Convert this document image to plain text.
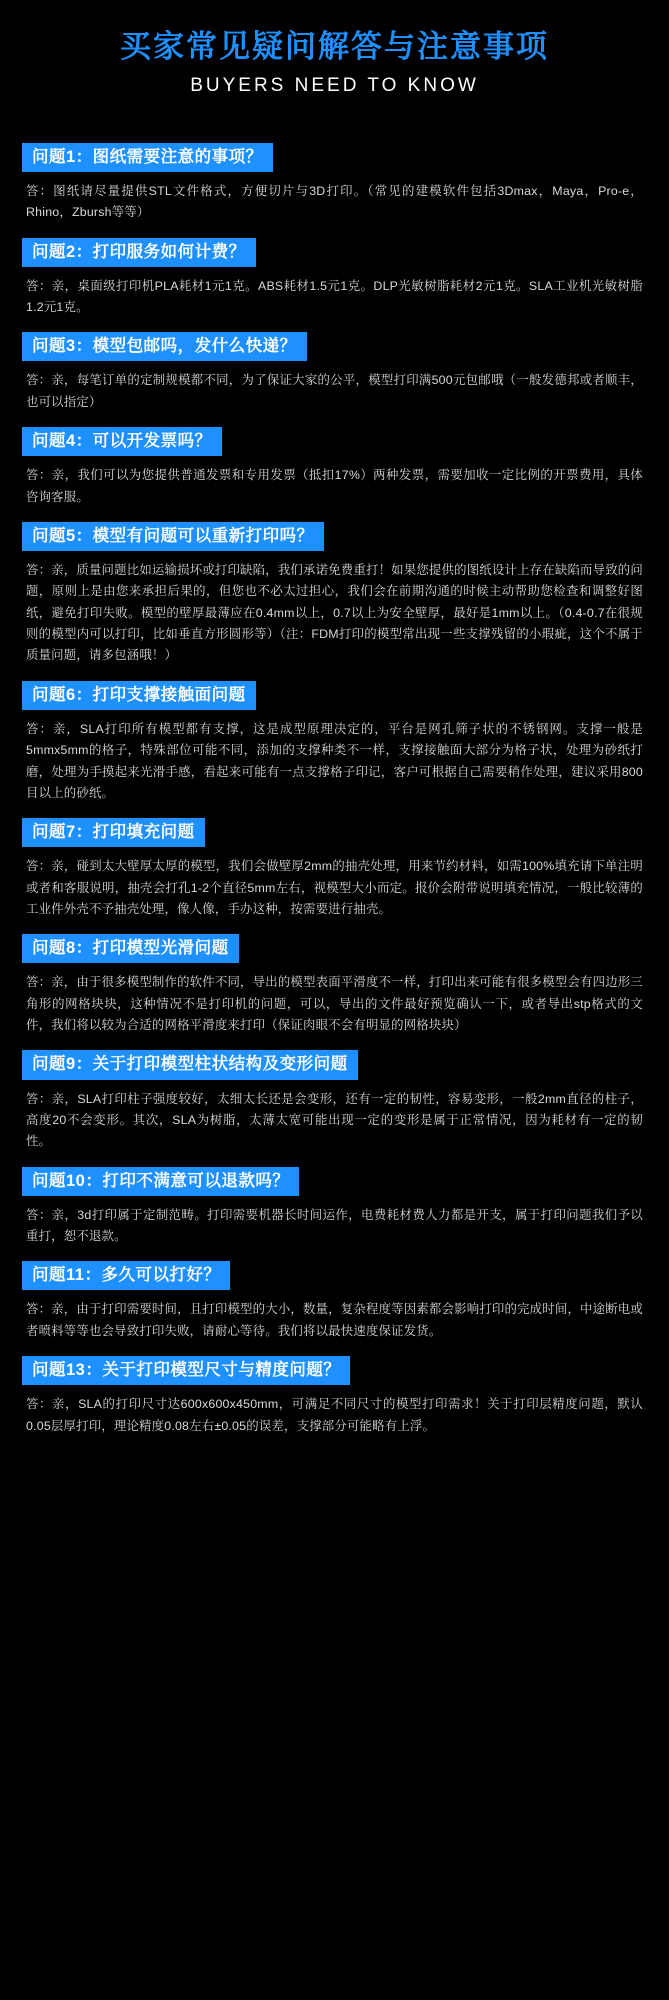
买家常见疑问解答与注意事项
BUYERS NEED TO KNOW
问题1：图纸需要注意的事项？

答：图纸请尽量提供STL文件格式，方便切片与3D打印。（常见的建模软件包括3Dmax，Maya，Pro-e，Rhino，Zbursh等等）

问题2：打印服务如何计费？

答：亲，桌面级打印机PLA耗材1元1克。ABS耗材1.5元1克。DLP光敏树脂耗材2元1克。SLA工业机光敏树脂1.2元1克。

问题3：模型包邮吗，发什么快递？

答：亲，每笔订单的定制规模都不同，为了保证大家的公平，模型打印满500元包邮哦（一般发德邦或者顺丰，也可以指定）

问题4：可以开发票吗？

答：亲，我们可以为您提供普通发票和专用发票（抵扣17%）两种发票，需要加收一定比例的开票费用，具体咨询客服。

问题5：模型有问题可以重新打印吗？

答：亲，质量问题比如运输损坏或打印缺陷，我们承诺免费重打！如果您提供的图纸设计上存在缺陷而导致的问题，原则上是由您来承担后果的，但您也不必太过担心，我们会在前期沟通的时候主动帮助您检查和调整好图纸，避免打印失败。模型的壁厚最薄应在0.4mm以上，0.7以上为安全壁厚，最好是1mm以上。（0.4-0.7在很规则的模型内可以打印，比如垂直方形圆形等）（注：FDM打印的模型常出现一些支撑残留的小瑕疵，这个不属于质量问题，请多包涵哦！）

问题6：打印支撑接触面问题

答：亲，SLA打印所有模型都有支撑，这是成型原理决定的，平台是网孔筛子状的不锈钢网。支撑一般是5mmx5mm的格子，特殊部位可能不同，添加的支撑种类不一样，支撑接触面大部分为格子状，处理为砂纸打磨，处理为手摸起来光滑手感，看起来可能有一点支撑格子印记，客户可根据自己需要稍作处理，建议采用800目以上的砂纸。

问题7：打印填充问题

答：亲，碰到太大壁厚太厚的模型，我们会做壁厚2mm的抽壳处理，用来节约材料，如需100%填充请下单注明或者和客服说明，抽壳会打孔1-2个直径5mm左右，视模型大小而定。报价会附带说明填充情况，一般比较薄的工业件外壳不予抽壳处理，像人像，手办这种，按需要进行抽壳。

问题8：打印模型光滑问题

答：亲，由于很多模型制作的软件不同，导出的模型表面平滑度不一样，打印出来可能有很多模型会有四边形三角形的网格块块，这种情况不是打印机的问题，可以，导出的文件最好预览确认一下，或者导出stp格式的文件，我们将以较为合适的网格平滑度来打印（保证肉眼不会有明显的网格块块）

问题9：关于打印模型柱状结构及变形问题

答：亲，SLA打印柱子强度较好，太细太长还是会变形，还有一定的韧性，容易变形，一般2mm直径的柱子，高度20不会变形。其次，SLA为树脂，太薄太宽可能出现一定的变形是属于正常情况，因为耗材有一定的韧性。

问题10：打印不满意可以退款吗？

答：亲，3d打印属于定制范畴。打印需要机器长时间运作，电费耗材费人力都是开支，属于打印问题我们予以重打，恕不退款。

问题11：多久可以打好？

答：亲，由于打印需要时间，且打印模型的大小，数量，复杂程度等因素都会影响打印的完成时间，中途断电或者喷料等等也会导致打印失败，请耐心等待。我们将以最快速度保证发货。

问题13：关于打印模型尺寸与精度问题？

答：亲，SLA的打印尺寸达600x600x450mm，可满足不同尺寸的模型打印需求！关于打印层精度问题，默认0.05层厚打印，理论精度0.08左右±0.05的误差，支撑部分可能略有上浮。
